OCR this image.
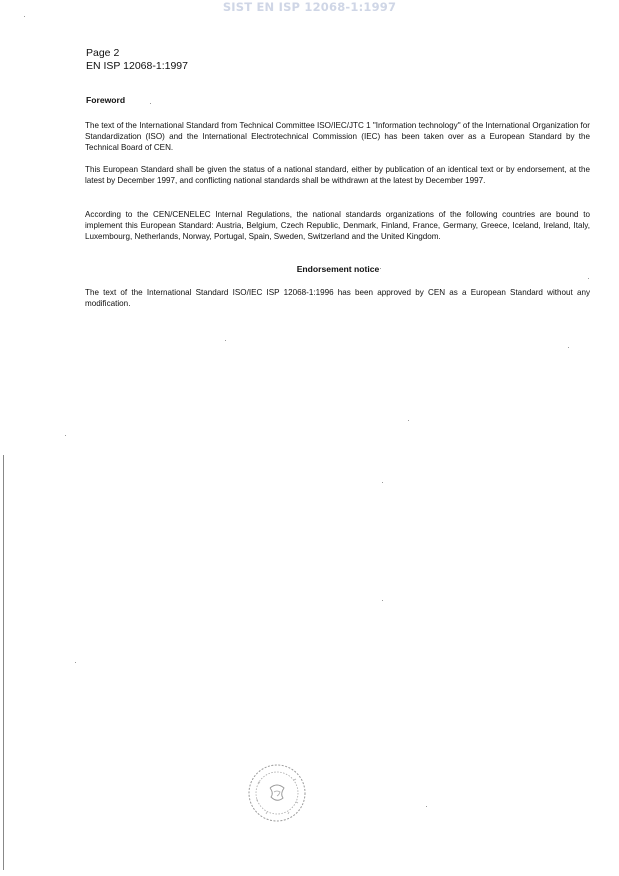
SIST EN ISP 12068-1:1997
Page 2
EN ISP 12068-1:1997
Foreword
The text of the International Standard from Technical Committee ISO/IEC/JTC 1 "Information technology" of the International Organization for Standardization (ISO) and the International Electrotechnical Commission (IEC) has been taken over as a European Standard by the Technical Board of CEN.
This European Standard shall be given the status of a national standard, either by publication of an identical text or by endorsement, at the latest by December 1997, and conflicting national standards shall be withdrawn at the latest by December 1997.
According to the CEN/CENELEC Internal Regulations, the national standards organizations of the following countries are bound to implement this European Standard: Austria, Belgium, Czech Republic, Denmark, Finland, France, Germany, Greece, Iceland, Ireland, Italy, Luxembourg, Netherlands, Norway, Portugal, Spain, Sweden, Switzerland and the United Kingdom.
Endorsement notice
The text of the International Standard ISO/IEC ISP 12068-1:1996 has been approved by CEN as a European Standard without any modification.
